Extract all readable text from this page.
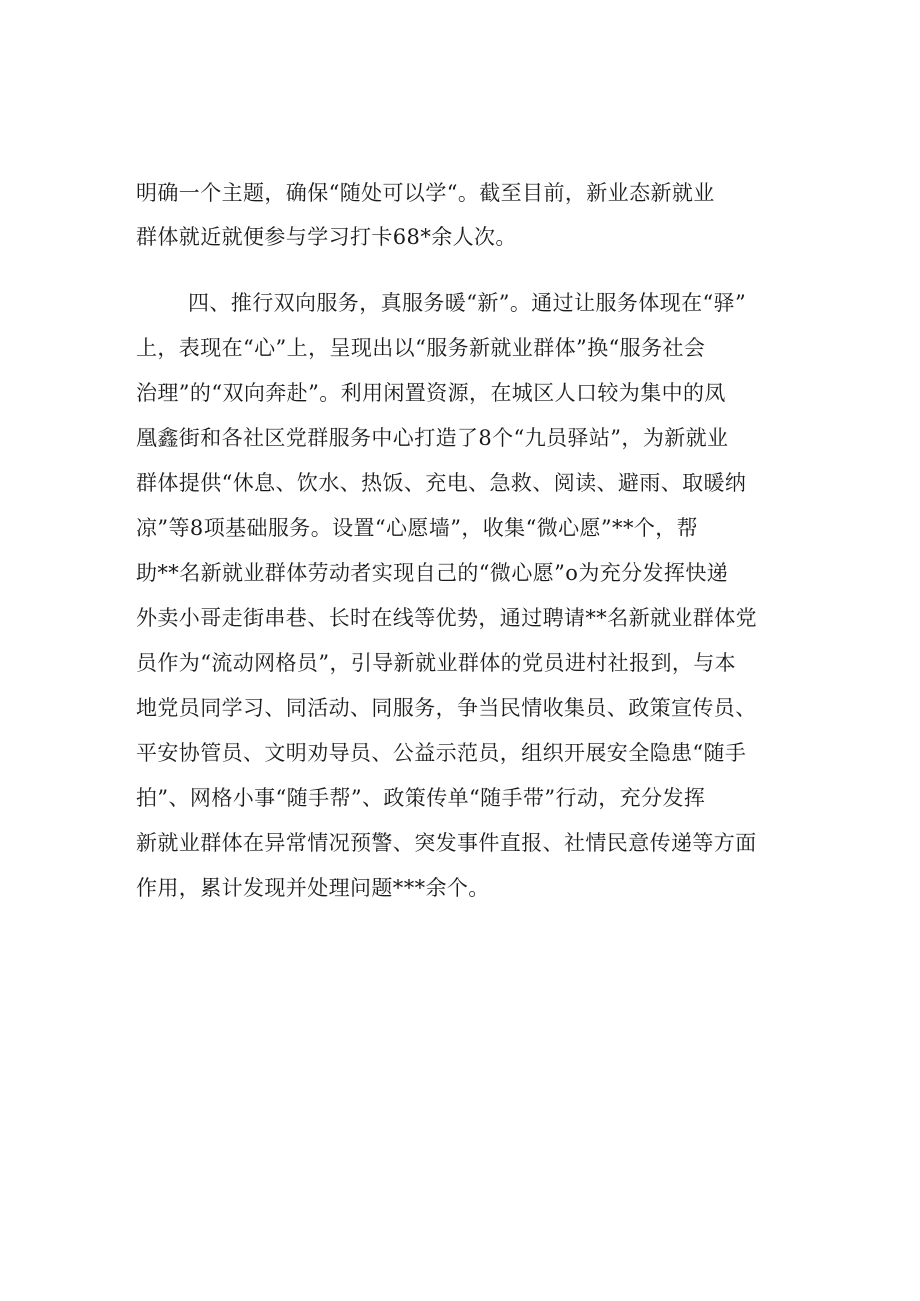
明确一个主题，确保“随处可以学“。截至目前，新业态新就业

群体就近就便参与学习打卡68*余人次。

四、推行双向服务，真服务暖“新”。通过让服务体现在“驿”

上，表现在“心”上，呈现出以“服务新就业群体”换“服务社会

治理”的“双向奔赴”。利用闲置资源，在城区人口较为集中的凤

凰鑫街和各社区党群服务中心打造了8个“九员驿站”，为新就业

群体提供“休息、饮水、热饭、充电、急救、阅读、避雨、取暖纳

凉”等8项基础服务。设置“心愿墙”，收集“微心愿”**个，帮

助**名新就业群体劳动者实现自己的“微心愿”o为充分发挥快递

外卖小哥走街串巷、长时在线等优势，通过聘请**名新就业群体党

员作为“流动网格员”，引导新就业群体的党员进村社报到，与本

地党员同学习、同活动、同服务，争当民情收集员、政策宣传员、

平安协管员、文明劝导员、公益示范员，组织开展安全隐患“随手

拍”、网格小事“随手帮”、政策传单“随手带”行动，充分发挥

新就业群体在异常情况预警、突发事件直报、社情民意传递等方面

作用，累计发现并处理问题***余个。
